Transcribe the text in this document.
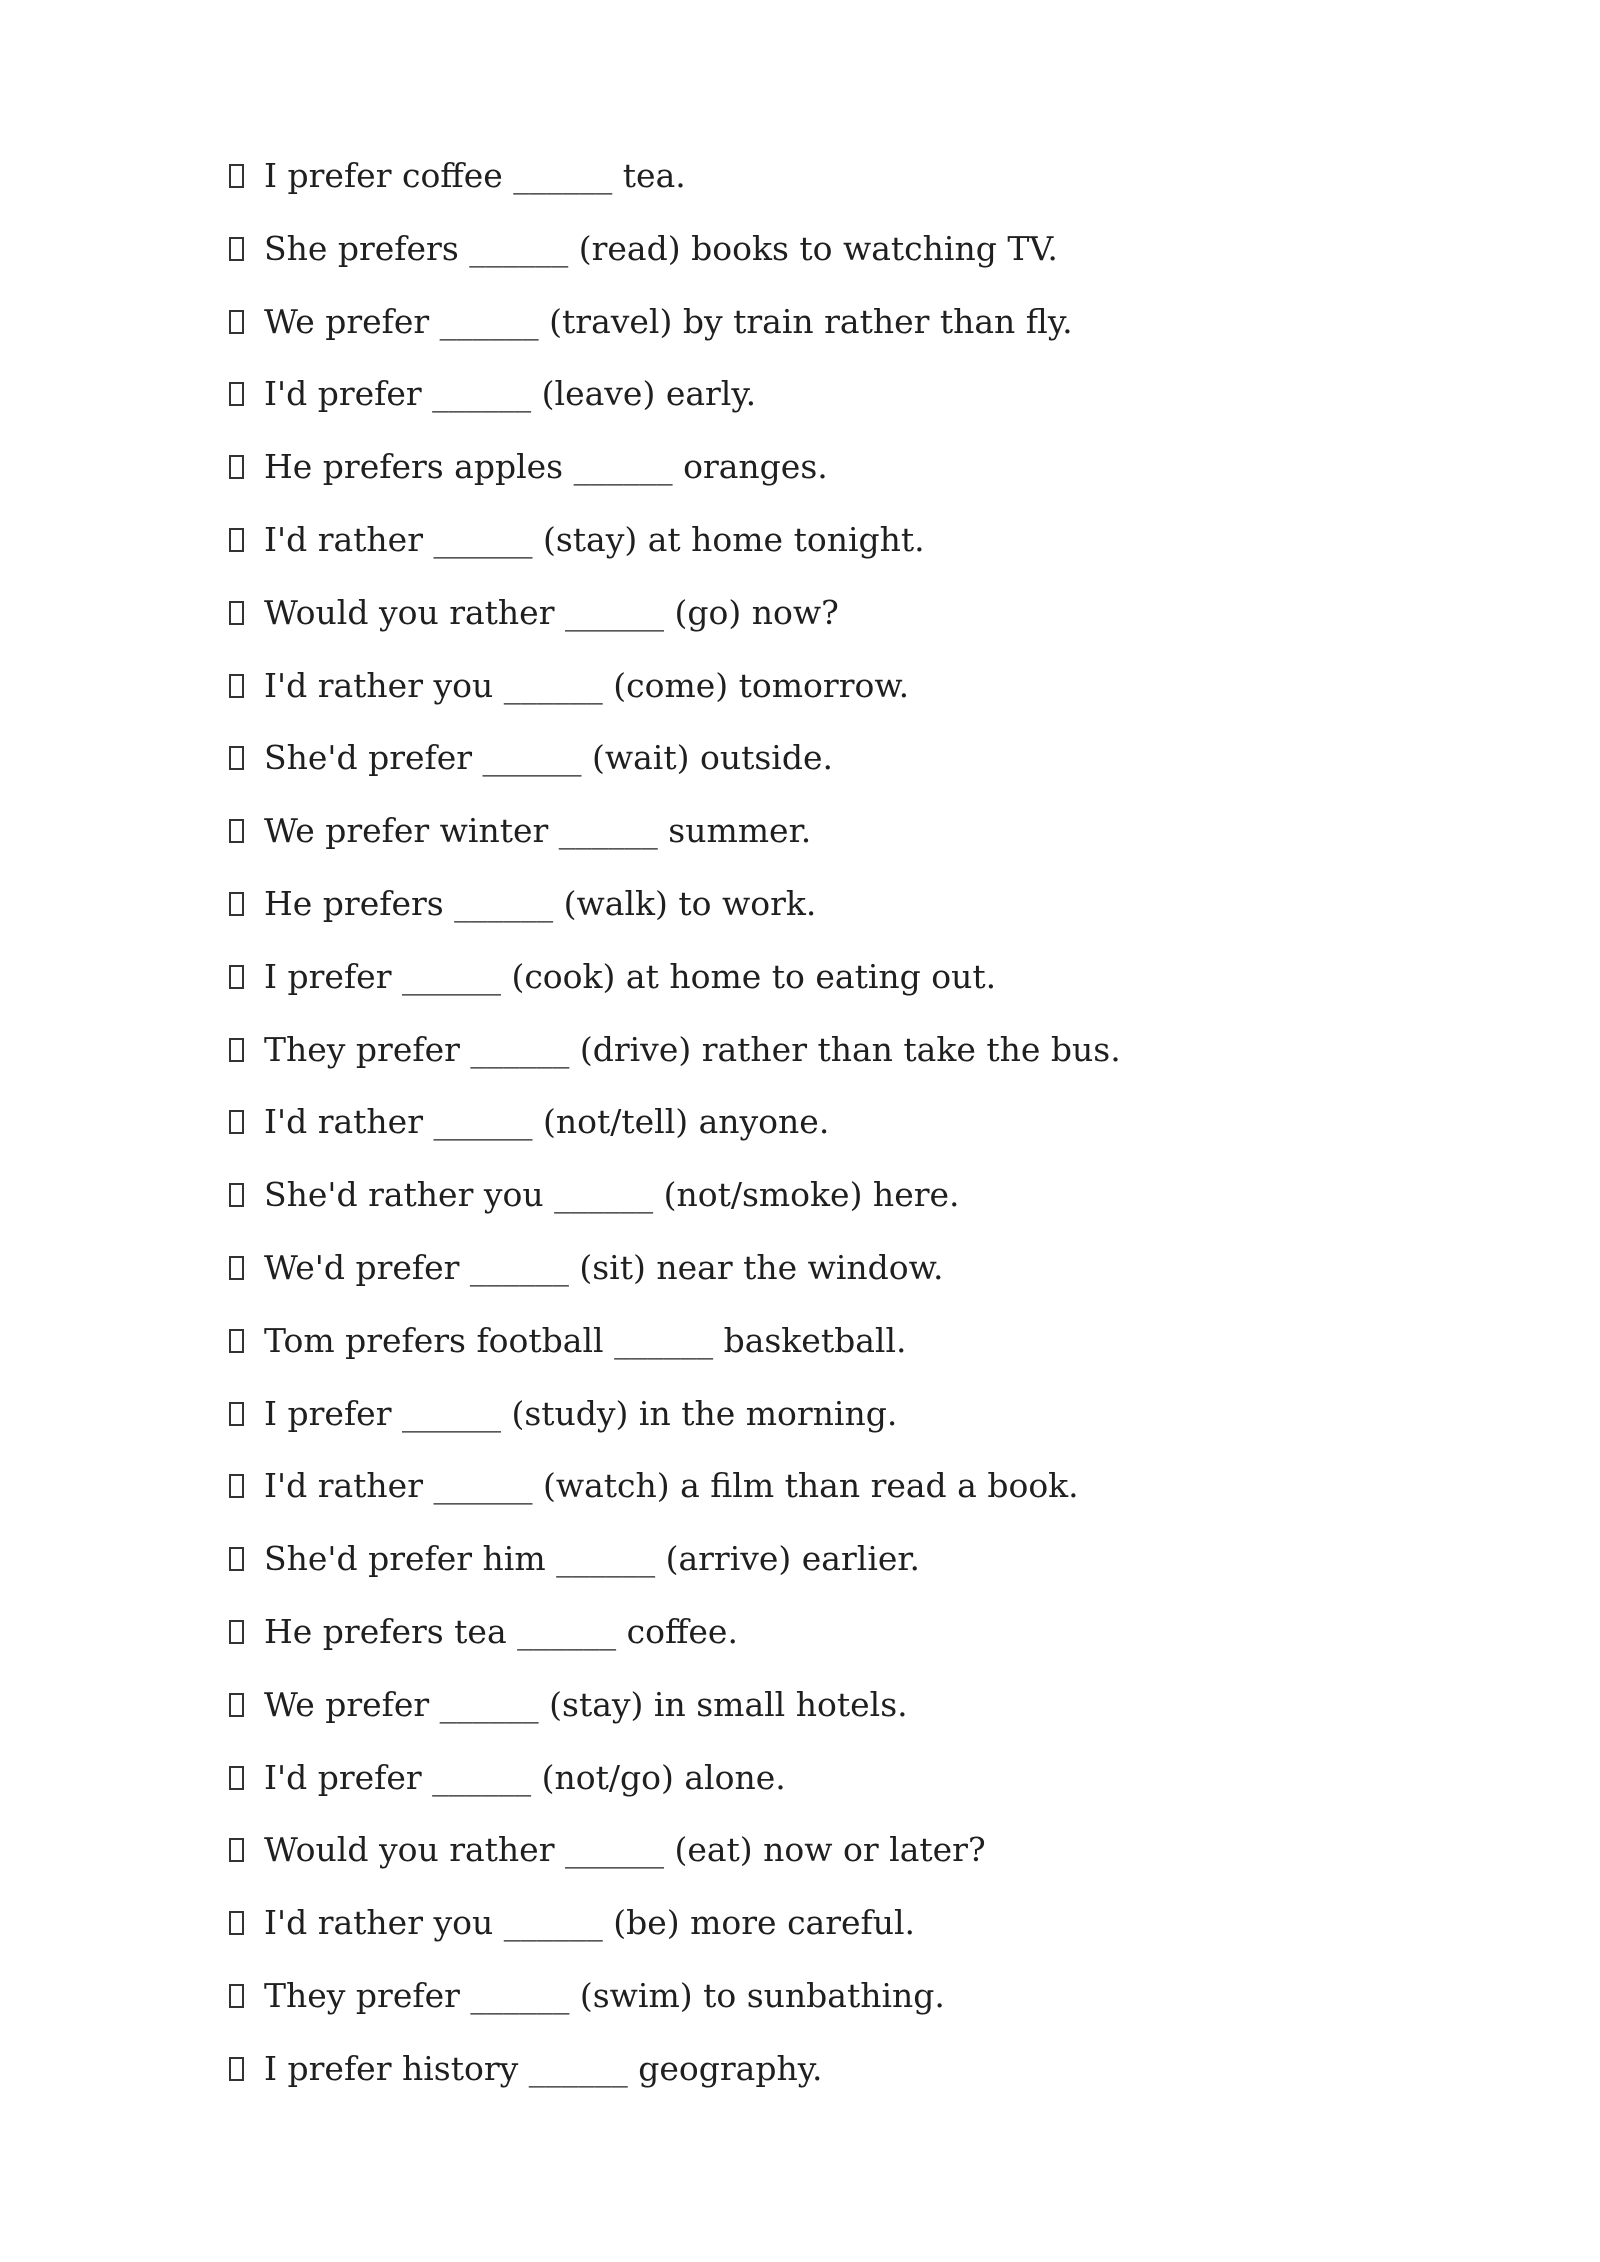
I prefer coffee ______ tea.
She prefers ______ (read) books to watching TV.
We prefer ______ (travel) by train rather than fly.
I'd prefer ______ (leave) early.
He prefers apples ______ oranges.
I'd rather ______ (stay) at home tonight.
Would you rather ______ (go) now?
I'd rather you ______ (come) tomorrow.
She'd prefer ______ (wait) outside.
We prefer winter ______ summer.
He prefers ______ (walk) to work.
I prefer ______ (cook) at home to eating out.
They prefer ______ (drive) rather than take the bus.
I'd rather ______ (not/tell) anyone.
She'd rather you ______ (not/smoke) here.
We'd prefer ______ (sit) near the window.
Tom prefers football ______ basketball.
I prefer ______ (study) in the morning.
I'd rather ______ (watch) a film than read a book.
She'd prefer him ______ (arrive) earlier.
He prefers tea ______ coffee.
We prefer ______ (stay) in small hotels.
I'd prefer ______ (not/go) alone.
Would you rather ______ (eat) now or later?
I'd rather you ______ (be) more careful.
They prefer ______ (swim) to sunbathing.
I prefer history ______ geography.
